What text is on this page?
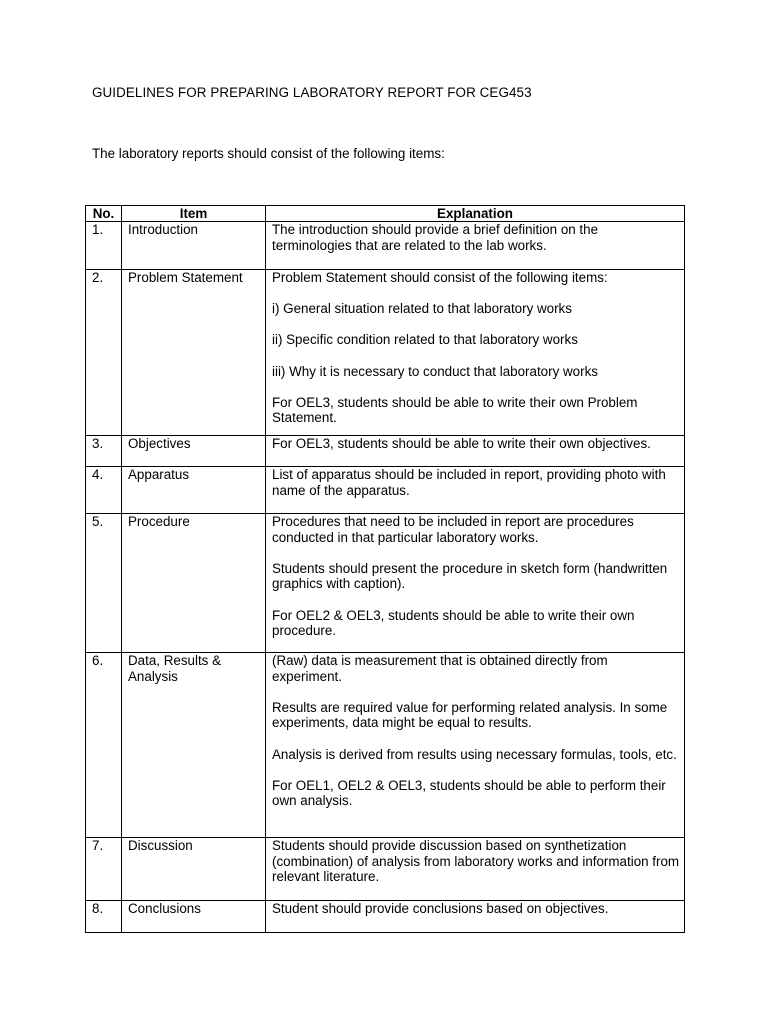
GUIDELINES FOR PREPARING LABORATORY REPORT FOR CEG453

The laboratory reports should consist of the following items:

No.	Item	Explanation
1.	Introduction	The introduction should provide a brief definition on the terminologies that are related to the lab works.

2.	Problem Statement	Problem Statement should consist of the following items:

i) General situation related to that laboratory works

ii) Specific condition related to that laboratory works

iii) Why it is necessary to conduct that laboratory works

For OEL3, students should be able to write their own Problem Statement.

3.	Objectives	For OEL3, students should be able to write their own objectives.

4.	Apparatus	List of apparatus should be included in report, providing photo with name of the apparatus.

5.	Procedure	Procedures that need to be included in report are procedures conducted in that particular laboratory works.

Students should present the procedure in sketch form (handwritten graphics with caption).

For OEL2 & OEL3, students should be able to write their own procedure.

6.	Data, Results & Analysis	(Raw) data is measurement that is obtained directly from experiment.

Results are required value for performing related analysis. In some experiments, data might be equal to results.

Analysis is derived from results using necessary formulas, tools, etc.

For OEL1, OEL2 & OEL3, students should be able to perform their own analysis.

7.	Discussion	Students should provide discussion based on synthetization (combination) of analysis from laboratory works and information from relevant literature.

8.	Conclusions	Student should provide conclusions based on objectives.
